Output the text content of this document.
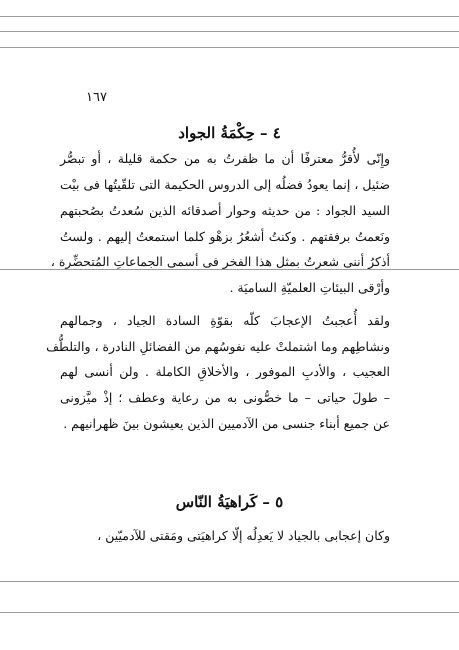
١٦٧
٤ – حِكْمَةُ الجواد
وإِنّى لأُقرُّ معترفًا أن ما ظفرتُ به من حكمة قليلة ، أو تبصُّر
ضئيل ، إنما يعودُ فضلُه إلى الدروس الحكيمة التى تلقّيتُها فى بيْت
السيد الجواد : من حديثه وحوار أصدقائه الذين سُعدتُ بصُحبتهم
ونَعمتُ برفقتهم . وكنتُ أشعُرُ بزهْو كلما استمعتُ إليهم . ولستُ
أذكرُ أننى شعرتُ بمثل هذا الفخر فى أسمى الجماعاتِ المُتحضِّرة ،
وأرْقى البيئاتِ العلميّةِ الساميَة .
ولقد أُعجبتُ الإعجابَ كلّه بقوّةِ السادة الجياد ، وجمالهم
ونشاطِهم وما اشتملتْ عليه نفوسُهم من الفضائلِ النادرة ، والتلطُّف
العجيب ، والأدبِ الموفور ، والأخلاقِ الكاملة . ولن أنسى لهم
– طولَ حياتى – ما خصُّونى به من رعاية وعطف ؛ إذْ ميَّزونى
عن جميع أبناء جنسى من الآدميين الذين يعيشون بينَ ظهرانيهم .
٥ – كَراهيَةُ النّاس
وكان إعجابى بالجياد لا يَعدِلُه إلّا كراهيَتى ومَقتى للآدميّين ،
